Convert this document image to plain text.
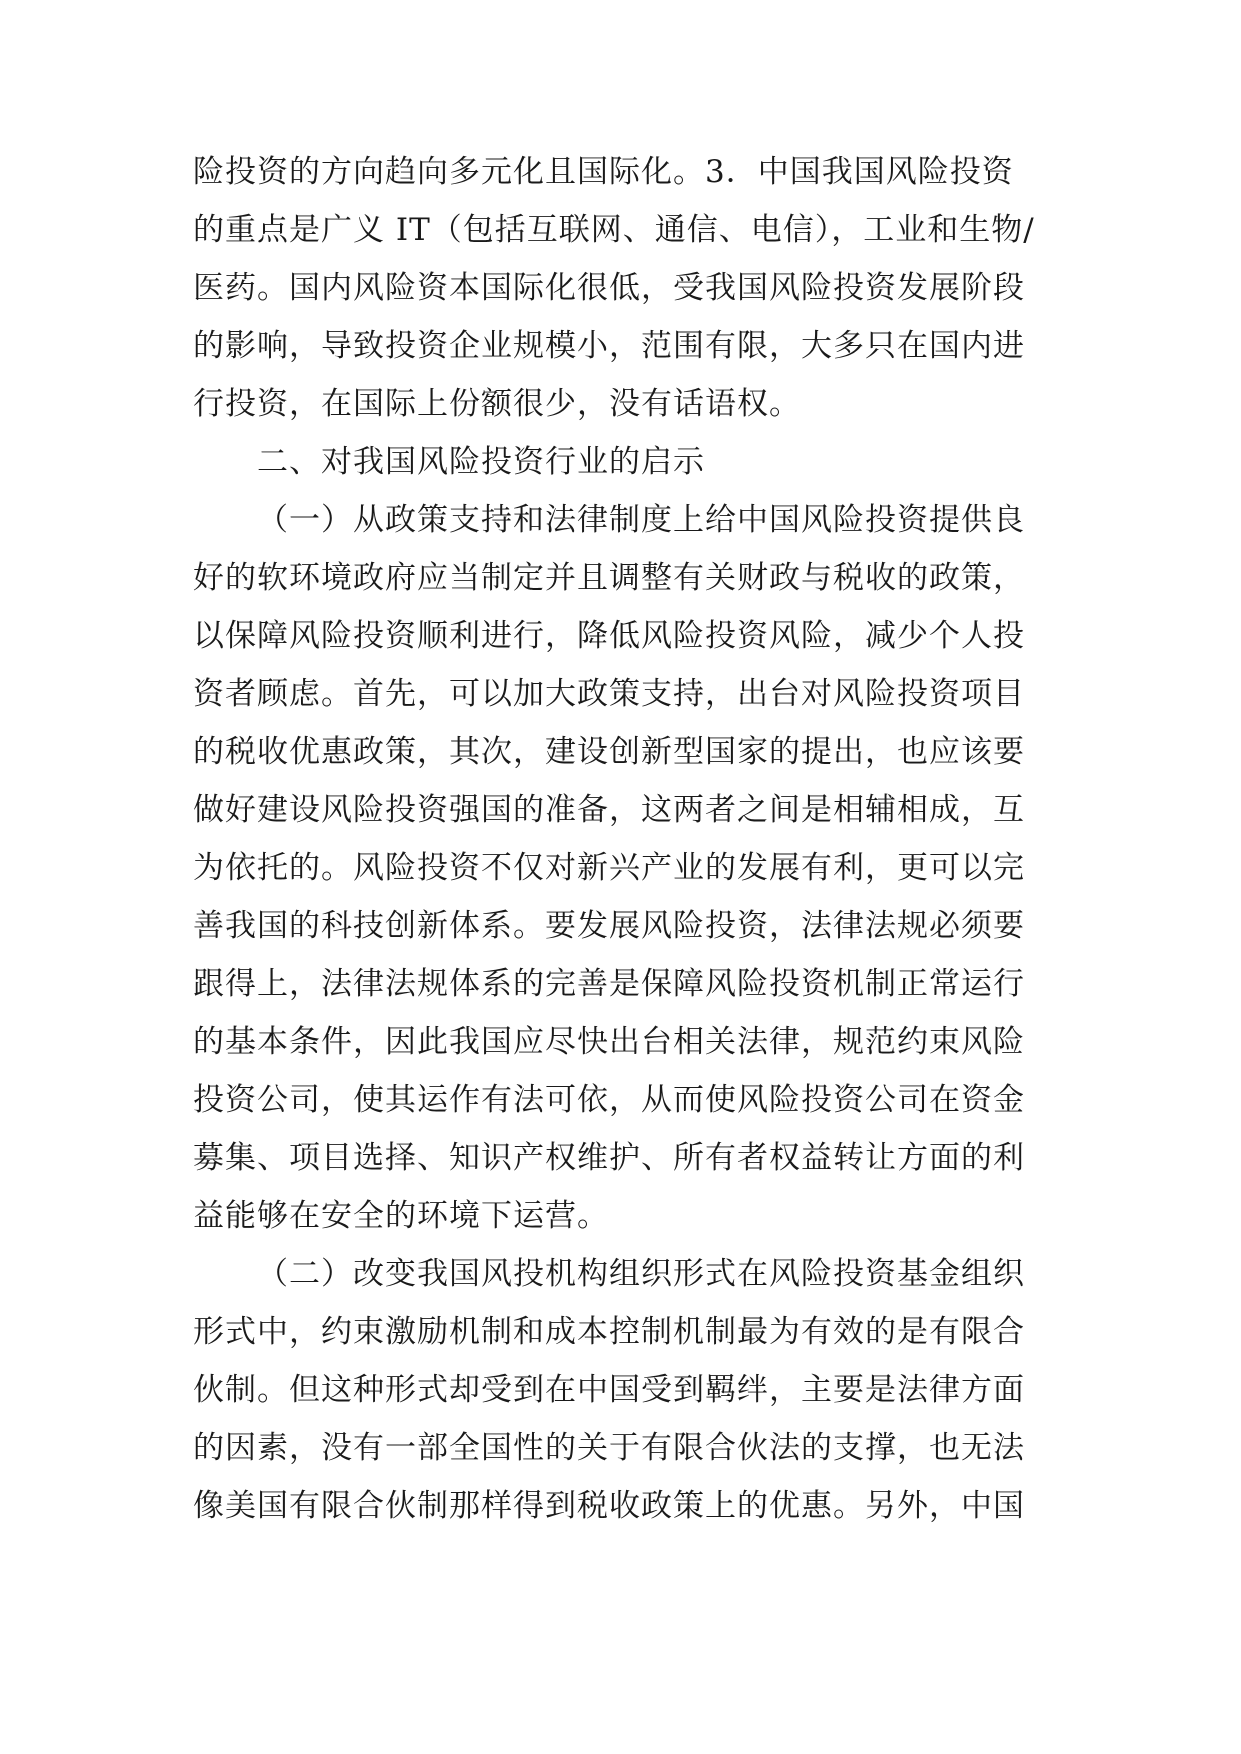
险投资的方向趋向多元化且国际化。3．中国我国风险投资
的重点是广义 IT（包括互联网、通信、电信），工业和生物/
医药。国内风险资本国际化很低，受我国风险投资发展阶段
的影响，导致投资企业规模小，范围有限，大多只在国内进
行投资，在国际上份额很少，没有话语权。
二、对我国风险投资行业的启示
（一）从政策支持和法律制度上给中国风险投资提供良
好的软环境政府应当制定并且调整有关财政与税收的政策，
以保障风险投资顺利进行，降低风险投资风险，减少个人投
资者顾虑。首先，可以加大政策支持，出台对风险投资项目
的税收优惠政策，其次，建设创新型国家的提出，也应该要
做好建设风险投资强国的准备，这两者之间是相辅相成，互
为依托的。风险投资不仅对新兴产业的发展有利，更可以完
善我国的科技创新体系。要发展风险投资，法律法规必须要
跟得上，法律法规体系的完善是保障风险投资机制正常运行
的基本条件，因此我国应尽快出台相关法律，规范约束风险
投资公司，使其运作有法可依，从而使风险投资公司在资金
募集、项目选择、知识产权维护、所有者权益转让方面的利
益能够在安全的环境下运营。
（二）改变我国风投机构组织形式在风险投资基金组织
形式中，约束激励机制和成本控制机制最为有效的是有限合
伙制。但这种形式却受到在中国受到羁绊，主要是法律方面
的因素，没有一部全国性的关于有限合伙法的支撑，也无法
像美国有限合伙制那样得到税收政策上的优惠。另外，中国
